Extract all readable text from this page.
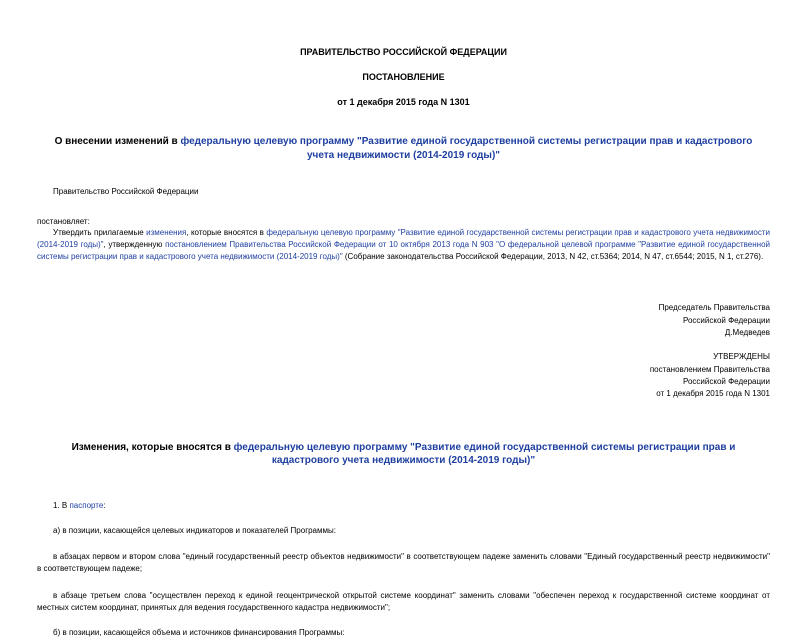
ПРАВИТЕЛЬСТВО РОССИЙСКОЙ ФЕДЕРАЦИИ
ПОСТАНОВЛЕНИЕ
от 1 декабря 2015 года N 1301
О внесении изменений в федеральную целевую программу "Развитие единой государственной системы регистрации прав и кадастрового учета недвижимости (2014-2019 годы)"

Правительство Российской Федерации

постановляет:

Утвердить прилагаемые изменения, которые вносятся в федеральную целевую программу "Развитие единой государственной системы регистрации прав и кадастрового учета недвижимости (2014-2019 годы)", утвержденную постановлением Правительства Российской Федерации от 10 октября 2013 года N 903 "О федеральной целевой программе "Развитие единой государственной системы регистрации прав и кадастрового учета недвижимости (2014-2019 годы)" (Собрание законодательства Российской Федерации, 2013, N 42, ст.5364; 2014, N 47, ст.6544; 2015, N 1, ст.276).

Председатель Правительства
Российской Федерации
Д.Медведев
УТВЕРЖДЕНЫ
постановлением Правительства
Российской Федерации
от 1 декабря 2015 года N 1301
Изменения, которые вносятся в федеральную целевую программу "Развитие единой государственной системы регистрации прав и кадастрового учета недвижимости (2014-2019 годы)"

1. В паспорте:

а) в позиции, касающейся целевых индикаторов и показателей Программы:

в абзацах первом и втором слова "единый государственный реестр объектов недвижимости" в соответствующем падеже заменить словами "Единый государственный реестр недвижимости" в соответствующем падеже;

в абзаце третьем слова "осуществлен переход к единой геоцентрической открытой системе координат" заменить словами "обеспечен переход к государственной системе координат от местных систем координат, принятых для ведения государственного кадастра недвижимости";

б) в позиции, касающейся объема и источников финансирования Программы:
